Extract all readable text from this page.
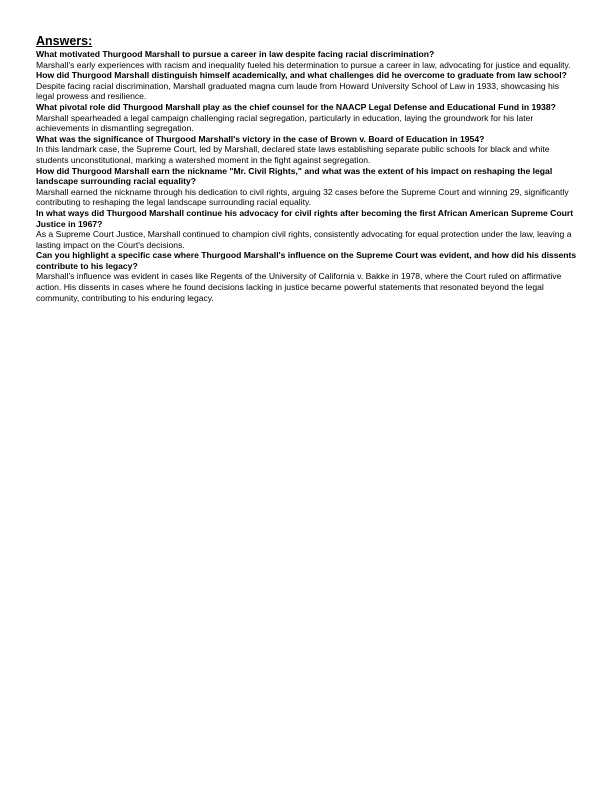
Answers:
What motivated Thurgood Marshall to pursue a career in law despite facing racial discrimination?
Marshall's early experiences with racism and inequality fueled his determination to pursue a career in law, advocating for justice and equality.
How did Thurgood Marshall distinguish himself academically, and what challenges did he overcome to graduate from law school?
Despite facing racial discrimination, Marshall graduated magna cum laude from Howard University School of Law in 1933, showcasing his legal prowess and resilience.
What pivotal role did Thurgood Marshall play as the chief counsel for the NAACP Legal Defense and Educational Fund in 1938?
Marshall spearheaded a legal campaign challenging racial segregation, particularly in education, laying the groundwork for his later achievements in dismantling segregation.
What was the significance of Thurgood Marshall's victory in the case of Brown v. Board of Education in 1954?
In this landmark case, the Supreme Court, led by Marshall, declared state laws establishing separate public schools for black and white students unconstitutional, marking a watershed moment in the fight against segregation.
How did Thurgood Marshall earn the nickname "Mr. Civil Rights," and what was the extent of his impact on reshaping the legal landscape surrounding racial equality?
Marshall earned the nickname through his dedication to civil rights, arguing 32 cases before the Supreme Court and winning 29, significantly contributing to reshaping the legal landscape surrounding racial equality.
In what ways did Thurgood Marshall continue his advocacy for civil rights after becoming the first African American Supreme Court Justice in 1967?
As a Supreme Court Justice, Marshall continued to champion civil rights, consistently advocating for equal protection under the law, leaving a lasting impact on the Court's decisions.
Can you highlight a specific case where Thurgood Marshall's influence on the Supreme Court was evident, and how did his dissents contribute to his legacy?
Marshall's influence was evident in cases like Regents of the University of California v. Bakke in 1978, where the Court ruled on affirmative action. His dissents in cases where he found decisions lacking in justice became powerful statements that resonated beyond the legal community, contributing to his enduring legacy.
